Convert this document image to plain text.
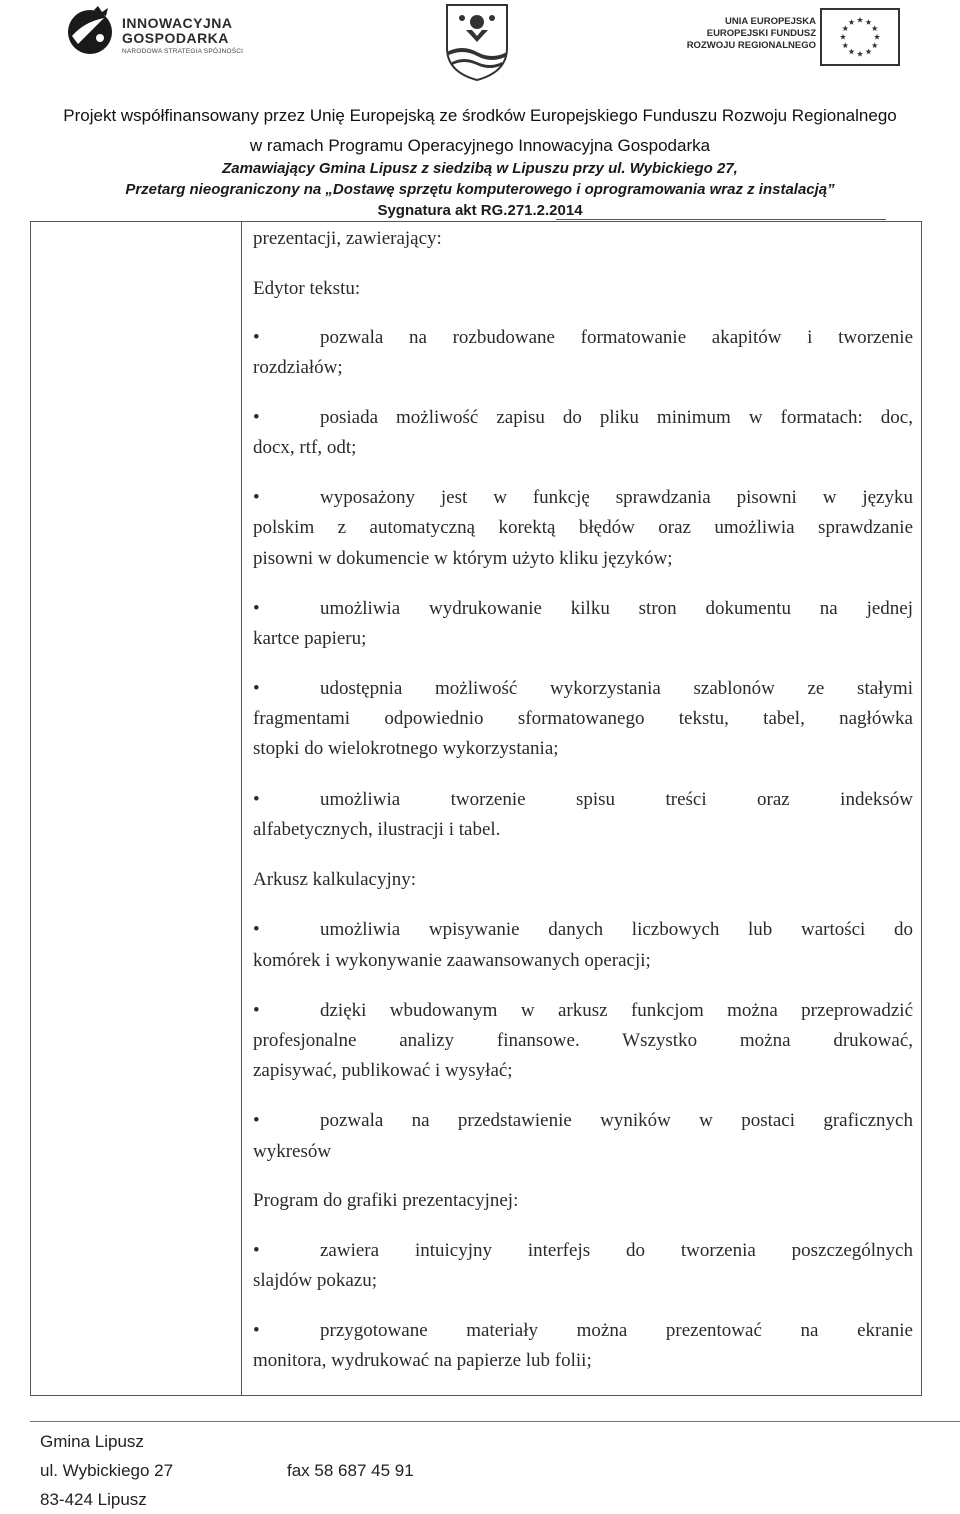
INNOWACYJNA
GOSPODARKA
NARODOWA STRATEGIA SPÓJNOŚCI
UNIA EUROPEJSKA
EUROPEJSKI FUNDUSZ
ROZWOJU REGIONALNEGO
Projekt współfinansowany przez Unię Europejską ze środków Europejskiego Funduszu Rozwoju Regionalnego
w ramach Programu Operacyjnego Innowacyjna Gospodarka
Zamawiający Gmina Lipusz z siedzibą w Lipuszu przy ul. Wybickiego 27,
Przetarg nieograniczony na „Dostawę sprzętu komputerowego i oprogramowania wraz z instalacją”
Sygnatura akt RG.271.2.2014
prezentacji, zawierający:
Edytor tekstu:
•	pozwala na rozbudowane formatowanie akapitów i tworzenie
rozdziałów;
•	posiada możliwość zapisu do pliku minimum w formatach: doc,
docx, rtf, odt;
•	wyposażony jest w funkcję sprawdzania pisowni w języku
polskim z automatyczną korektą błędów oraz umożliwia sprawdzanie
pisowni w dokumencie w którym użyto kliku języków;
•	umożliwia wydrukowanie kilku stron dokumentu na jednej
kartce papieru;
•	udostępnia możliwość wykorzystania szablonów ze stałymi
fragmentami odpowiednio sformatowanego tekstu, tabel, nagłówka
stopki do wielokrotnego wykorzystania;
•	umożliwia tworzenie spisu treści oraz indeksów
alfabetycznych, ilustracji i tabel.
Arkusz kalkulacyjny:
•	umożliwia wpisywanie danych liczbowych lub wartości do
komórek i wykonywanie zaawansowanych operacji;
•	dzięki wbudowanym w arkusz funkcjom można przeprowadzić
profesjonalne analizy finansowe. Wszystko można drukować,
zapisywać, publikować i wysyłać;
•	pozwala na przedstawienie wyników w postaci graficznych
wykresów
Program do grafiki prezentacyjnej:
•	zawiera intuicyjny interfejs do tworzenia poszczególnych
slajdów pokazu;
•	przygotowane materiały można prezentować na ekranie
monitora, wydrukować na papierze lub folii;
Gmina Lipusz
ul. Wybickiego 27	fax 58 687 45 91
83-424 Lipusz
